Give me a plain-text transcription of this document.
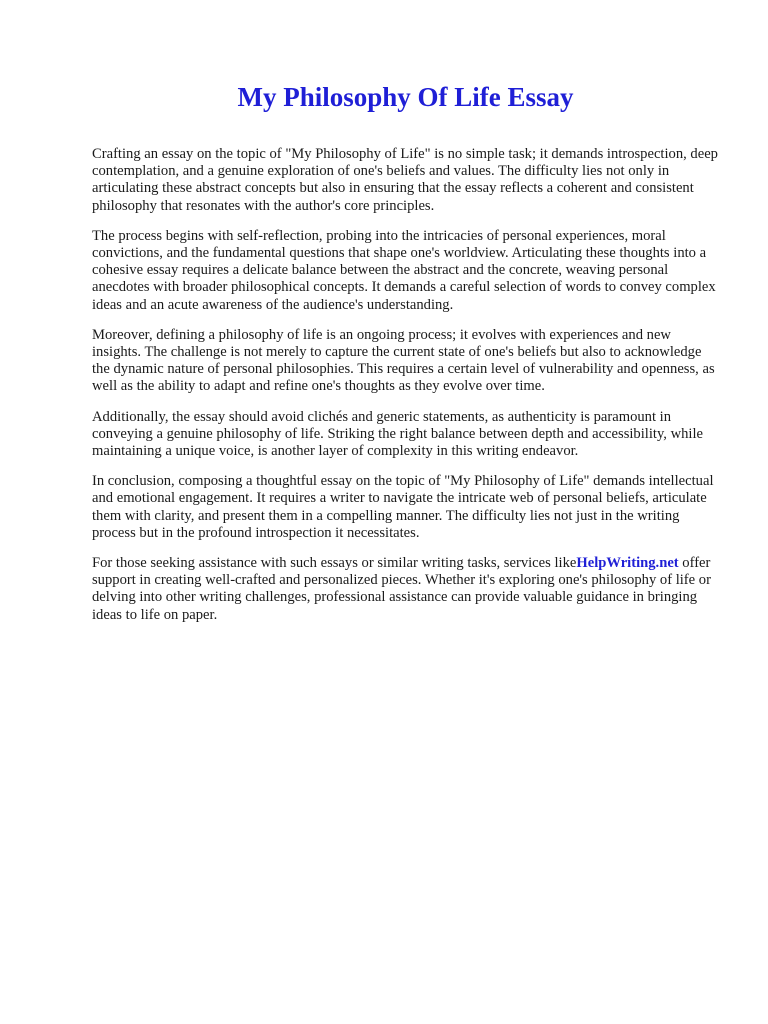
My Philosophy Of Life Essay

Crafting an essay on the topic of "My Philosophy of Life" is no simple task; it demands introspection, deep contemplation, and a genuine exploration of one's beliefs and values. The difficulty lies not only in articulating these abstract concepts but also in ensuring that the essay reflects a coherent and consistent philosophy that resonates with the author's core principles.

The process begins with self-reflection, probing into the intricacies of personal experiences, moral convictions, and the fundamental questions that shape one's worldview. Articulating these thoughts into a cohesive essay requires a delicate balance between the abstract and the concrete, weaving personal anecdotes with broader philosophical concepts. It demands a careful selection of words to convey complex ideas and an acute awareness of the audience's understanding.

Moreover, defining a philosophy of life is an ongoing process; it evolves with experiences and new insights. The challenge is not merely to capture the current state of one's beliefs but also to acknowledge the dynamic nature of personal philosophies. This requires a certain level of vulnerability and openness, as well as the ability to adapt and refine one's thoughts as they evolve over time.

Additionally, the essay should avoid clichés and generic statements, as authenticity is paramount in conveying a genuine philosophy of life. Striking the right balance between depth and accessibility, while maintaining a unique voice, is another layer of complexity in this writing endeavor.

In conclusion, composing a thoughtful essay on the topic of "My Philosophy of Life" demands intellectual and emotional engagement. It requires a writer to navigate the intricate web of personal beliefs, articulate them with clarity, and present them in a compelling manner. The difficulty lies not just in the writing process but in the profound introspection it necessitates.

For those seeking assistance with such essays or similar writing tasks, services likeHelpWriting.net offer support in creating well-crafted and personalized pieces. Whether it's exploring one's philosophy of life or delving into other writing challenges, professional assistance can provide valuable guidance in bringing ideas to life on paper.
